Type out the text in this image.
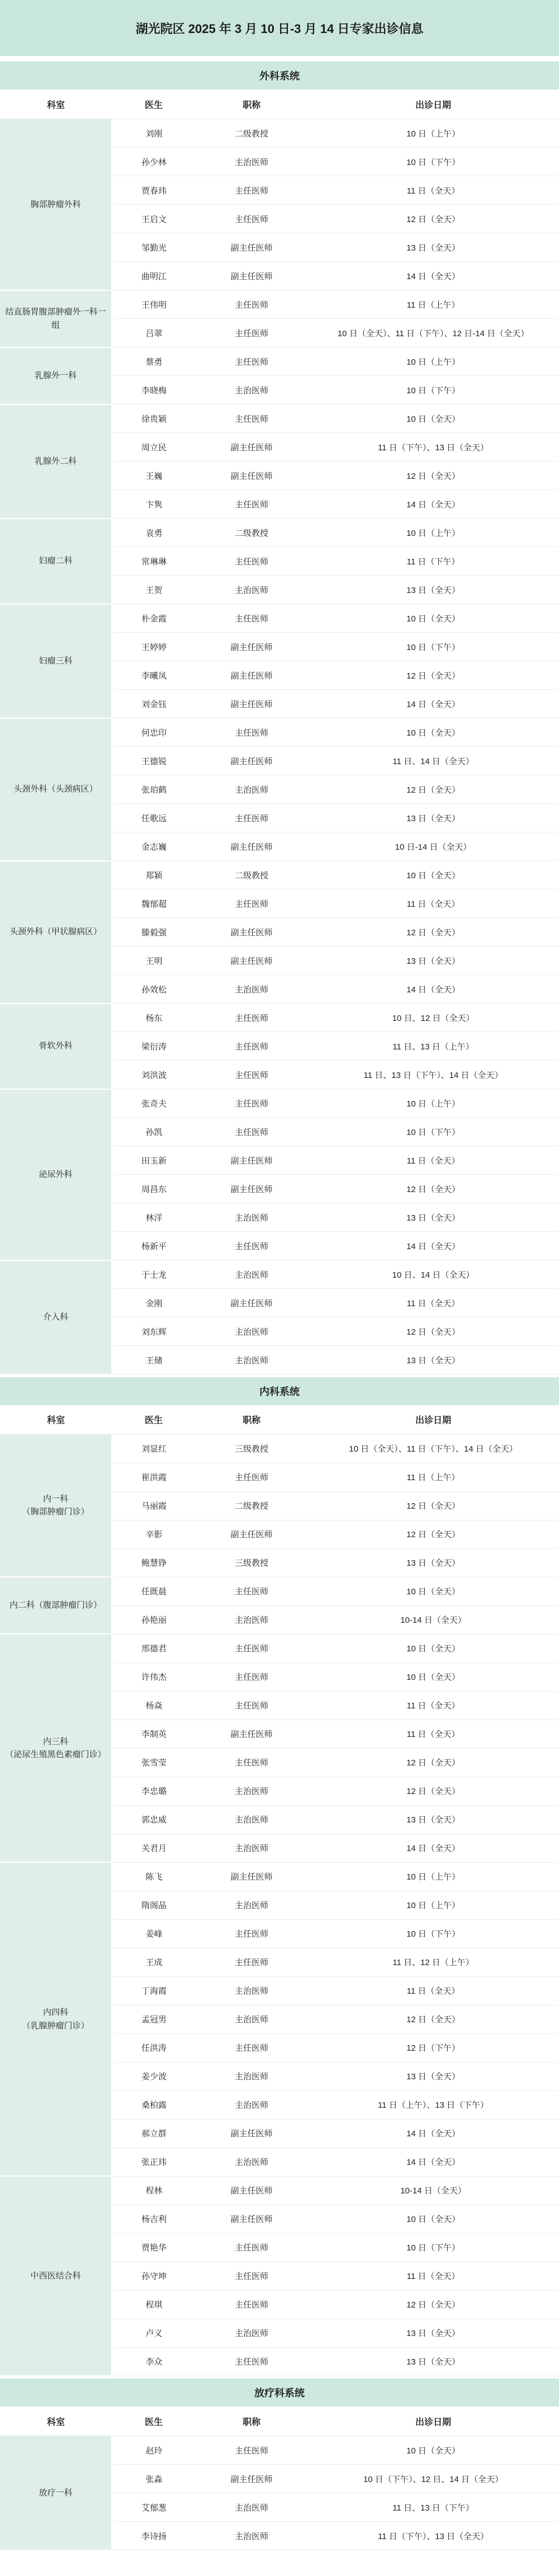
湖光院区 2025 年 3 月 10 日-3 月 14 日专家出诊信息
外科系统
科室	医生	职称	出诊日期

胸部肿瘤外科	刘刚	二级教授	10 日（上午）
	孙少林	主治医师	10 日（下午）
	贾春玮	主任医师	11 日（全天）
	王启文	主任医师	12 日（全天）
	邹勤光	副主任医师	13 日（全天）
	曲明江	副主任医师	14 日（全天）

结直肠胃腹部肿瘤外一科一组	王伟明	主任医师	11 日（上午）
	吕翠	主任医师	10 日（全天）、11 日（下午）、12 日-14 日（全天）

乳腺外一科	蔡勇	主任医师	10 日（上午）
	李晓梅	主治医师	10 日（下午）

乳腺外二科	徐贵颖	主任医师	10 日（全天）
	周立民	副主任医师	11 日（下午）、13 日（全天）
	王巍	副主任医师	12 日（全天）
	卞隽	主任医师	14 日（全天）

妇瘤二科	袁勇	二级教授	10 日（上午）
	常琳琳	主任医师	11 日（下午）
	王贺	主治医师	13 日（全天）

妇瘤三科	朴金霞	主任医师	10 日（全天）
	王婷婷	副主任医师	10 日（下午）
	李曦凤	副主任医师	12 日（全天）
	刘金钰	副主任医师	14 日（全天）

头颈外科（头颈病区）	何忠印	主任医师	10 日（全天）
	王德锐	副主任医师	11 日、14 日（全天）
	张珀鹤	主治医师	12 日（全天）
	任歌远	主任医师	13 日（全天）
	金志巍	副主任医师	10 日-14 日（全天）

头颈外科（甲状腺病区）	郑颖	二级教授	10 日（全天）
	魏郁超	主任医师	11 日（全天）
	滕毅强	副主任医师	12 日（全天）
	王明	副主任医师	13 日（全天）
	孙效松	主治医师	14 日（全天）

骨软外科	杨东	主任医师	10 日、12 日（全天）
	梁衍涛	主任医师	11 日、13 日（上午）
	刘洪波	主任医师	11 日、13 日（下午）、14 日（全天）

泌尿外科	张奇夫	主任医师	10 日（上午）
	孙凯	主任医师	10 日（下午）
	田玉新	副主任医师	11 日（全天）
	周昌东	副主任医师	12 日（全天）
	林洋	主治医师	13 日（全天）
	杨新平	主任医师	14 日（全天）

介入科	于士龙	主治医师	10 日、14 日（全天）
	金刚	副主任医师	11 日（全天）
	刘东辉	主治医师	12 日（全天）
	王储	主治医师	13 日（全天）
内科系统
科室	医生	职称	出诊日期

内一科
（胸部肿瘤门诊）	刘显红	三级教授	10 日（全天）、11 日（下午）、14 日（全天）
	崔洪霞	主任医师	11 日（上午）
	马丽霞	二级教授	12 日（全天）
	辛影	副主任医师	12 日（全天）
	鲍慧铮	三级教授	13 日（全天）

内二科（腹部肿瘤门诊）	任既晨	主任医师	10 日（全天）
	孙艳丽	主治医师	10-14 日（全天）

内三科
（泌尿生殖黑色素瘤门诊）	邢德君	主任医师	10 日（全天）
	许伟杰	主任医师	10 日（全天）
	杨焱	主任医师	11 日（全天）
	李制英	副主任医师	11 日（全天）
	张雪莹	主任医师	12 日（全天）
	李忠璐	主治医师	12 日（全天）
	郭忠威	主治医师	13 日（全天）
	关君月	主治医师	14 日（全天）

内四科
（乳腺肿瘤门诊）	陈飞	副主任医师	10 日（上午）
	隋阁晶	主治医师	10 日（上午）
	姜峰	主任医师	10 日（下午）
	王成	主任医师	11 日、12 日（上午）
	丁海霞	主治医师	11 日（全天）
	孟冠男	主治医师	12 日（全天）
	任洪涛	主任医师	12 日（下午）
	姜少波	主治医师	13 日（全天）
	桑柏露	主治医师	11 日（上午）、13 日（下午）
	郝立群	副主任医师	14 日（全天）
	张正玮	主治医师	14 日（全天）

中西医结合科	程林	副主任医师	10-14 日（全天）
	杨吉利	副主任医师	10 日（全天）
	贾艳华	主任医师	10 日（下午）
	孙守坤	主任医师	11 日（全天）
	程琪	主任医师	12 日（全天）
	卢义	主治医师	13 日（全天）
	李众	主任医师	13 日（全天）
放疗科系统
科室	医生	职称	出诊日期

放疗一科	赵玲	主任医师	10 日（全天）
	张淼	副主任医师	10 日（下午）、12 日、14 日（全天）
	艾郁葱	主治医师	11 日、13 日（下午）
	李诗扬	主治医师	11 日（下午）、13 日（全天）
